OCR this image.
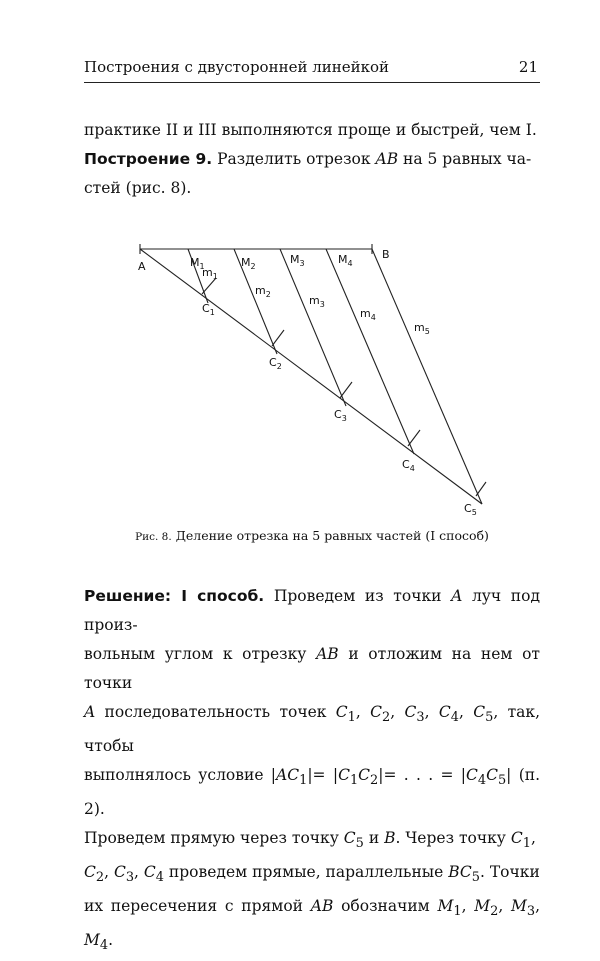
Построения с двусторонней линейкой	21
практике II и III выполняются проще и быстрей, чем I.
Построение 9. Разделить отрезок AB на 5 равных ча-
стей (рис. 8).
A
B
$M_1$	$M_2$
$M_3$	$M_4$
$m_1$
$m_2$	$m_3$
$m_4$
$m_5$
$C_1$
$C_2$
$C_3$
$C_4$
$C_5$
Рис. 8. Деление отрезка на 5 равных частей (I способ)
Решение: I способ. Проведем из точки A луч под произ-
вольным углом к отрезку AB и отложим на нем от точки
A последовательность точек $C_1$, $C_2$, $C_3$, $C_4$, $C_5$, так, чтобы
выполнялось условие $|AC_1|= |C_1C_2|=$ . . . = $|C_4C_5|$ (п. 2).
Проведем прямую через точку $C_5$ и B. Через точку $C_1$,
$C_2$, $C_3$, $C_4$ проведем прямые, параллельные $BC_5$. Точки
их пересечения с прямой AB обозначим $M_1$, $M_2$, $M_3$, $M_4$.
